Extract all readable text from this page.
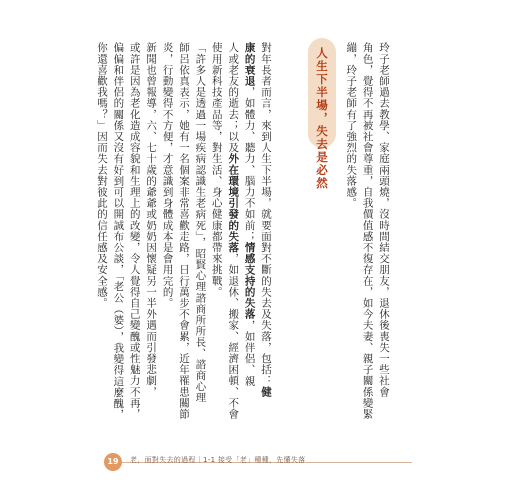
玲子老師過去教學、家庭兩頭燒，沒時間結交朋友，退休後喪失一些社會
角色，覺得不再被社會尊重，自我價值感不復存在，如今夫妻、親子關係變緊
繃，玲子老師有了強烈的失落感。
人生下半場，失去是必然
對年長者而言，來到人生下半場，就要面對不斷的失去及失落，包括：健
康的衰退，如體力、聽力、腦力不如前；情感支持的失落，如伴侶、親
人或老友的逝去；以及外在環境引發的失落，如退休、搬家、經濟困頓、不會
使用新科技產品等，對生活、身心健康都帶來挑戰。
「許多人是透過一場疾病認識生老病死」，昭賢心理諮商所所長、諮商心理
師呂依真表示，她有一名個案非常喜歡走路，日行萬步不會累，近年罹患關節
炎，行動變得不方便，才意識到身體成本是會用完的。
新聞也曾報導，六、七十歲的爺爺或奶奶因懷疑另一半外遇而引發悲劇，
或許是因為老化造成容貌和生理上的改變，令人覺得自己變醜或性魅力不再，
偏偏和伴侶的關係又沒有好到可以開誠布公談，「老公（婆），我變得這麼醜，
你還喜歡我嗎？」因而失去對彼此的信任感及安全感。
19	老，面對失去的過程｜1-1 接受「老」種種，先懂失落
